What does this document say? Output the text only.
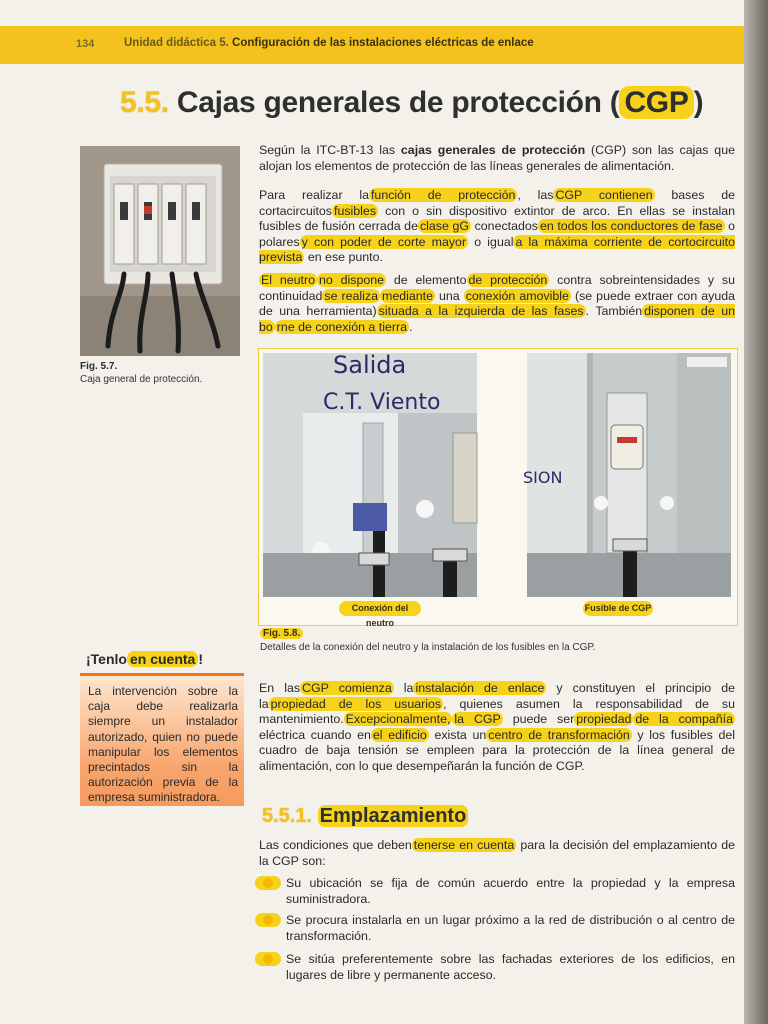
134	Unidad didáctica 5. Configuración de las instalaciones eléctricas de enlace
5.5. Cajas generales de protección ( CGP )
Fig. 5.7.
Caja general de protección.
Según la ITC-BT-13 las cajas generales de protección (CGP) son las cajas que alojan los elementos de protección de las líneas generales de alimentación.
Para realizar la función de protección , las CGP contienen bases de cortacircuitos fusibles con o sin dispositivo extintor de arco. En ellas se instalan fusibles de fusión cerrada de clase gG conectados en todos los conductores de fase o polares y con poder de corte mayor o igual a la máxima corriente de cortocircuito prevista en ese punto.
El neutro no dispone de elemento de protección contra sobreintensidades y su continuidad se realiza mediante una conexión amovible (se puede extraer con ayuda de una herramienta) situada a la izquierda de las fases . También disponen de un bo rne de conexión a tierra .
Salida
C.T. Viento
SION
Conexión del neutro
Fusible de CGP
Fig. 5.8.
Detalles de la conexión del neutro y la instalación de los fusibles en la CGP.
¡Tenlo en cuenta !
La intervención sobre la caja debe realizarla siempre un instalador autorizado, quien no puede manipular los elementos precintados sin la autorización previa de la empresa suministradora.
En las CGP comienza la instalación de enlace y constituyen el principio de la propiedad de los usuarios , quienes asumen la responsabilidad de su mantenimiento. Excepcionalmente, la CGP puede ser propiedad de la compañía eléctrica cuando en el edificio exista un centro de transformación y los fusibles del cuadro de baja tensión se empleen para la protección de la línea general de alimentación, con lo que desempeñarán la función de CGP.
5.5.1. Emplazamiento
Las condiciones que deben tenerse en cuenta para la decisión del emplazamiento de la CGP son:
Su ubicación se fija de común acuerdo entre la propiedad y la empresa suministradora.
Se procura instalarla en un lugar próximo a la red de distribución o al centro de transformación.
Se sitúa preferentemente sobre las fachadas exteriores de los edificios, en lugares de libre y permanente acceso.
